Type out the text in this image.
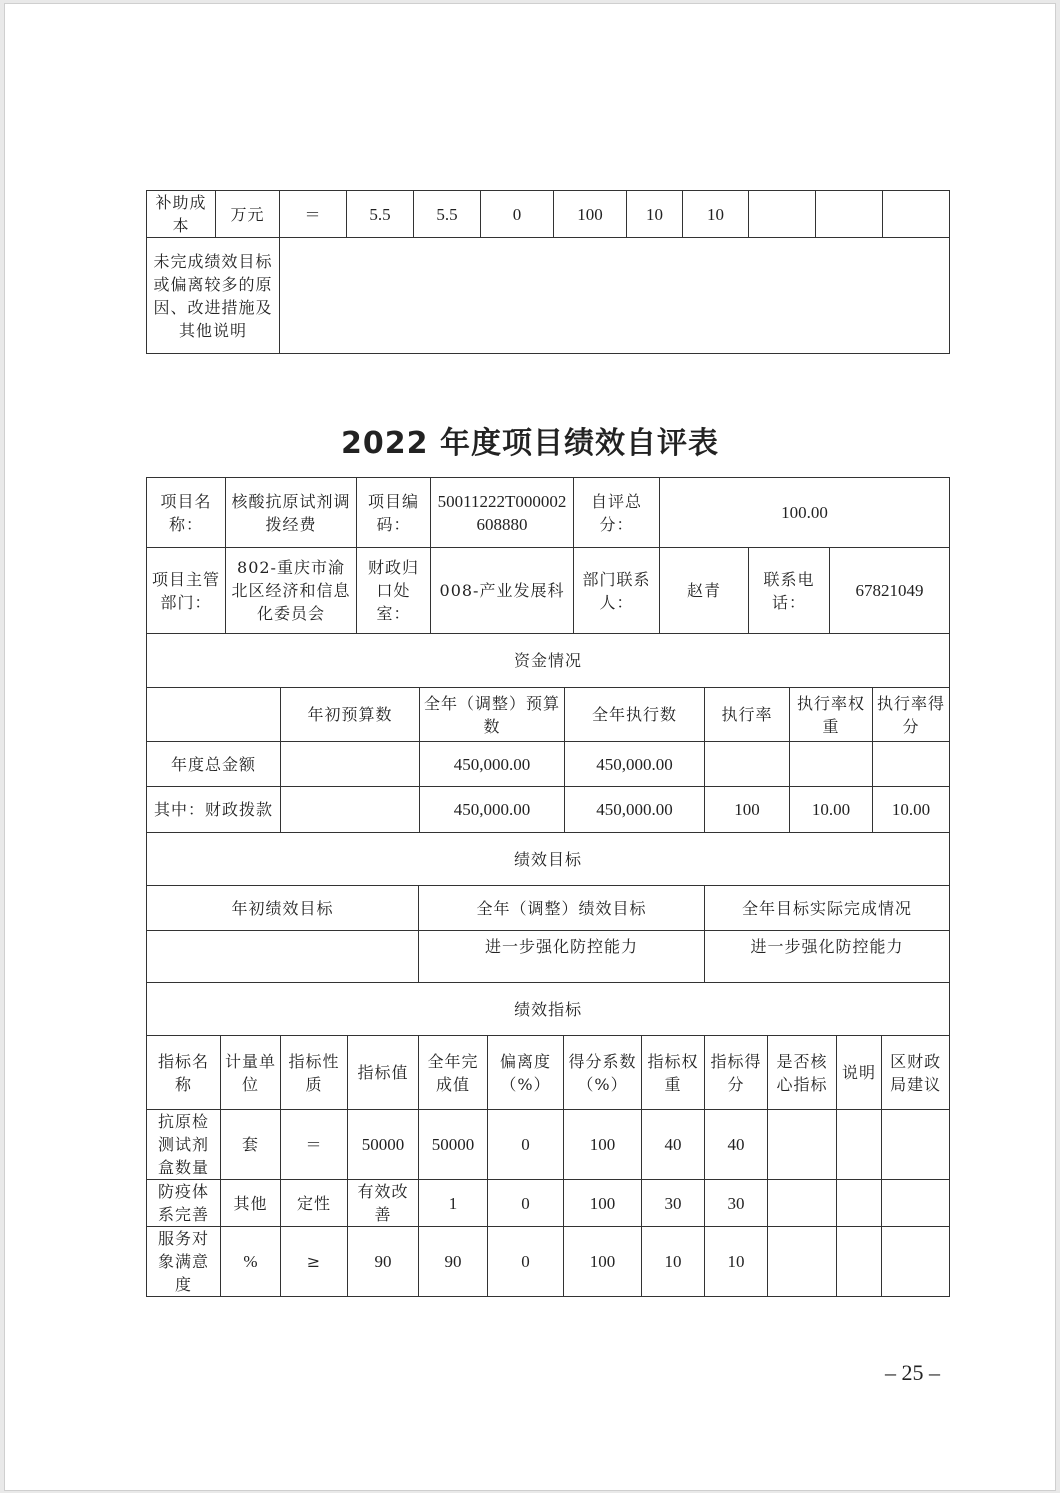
补助成本	万元	＝	5.5	5.5	0	100	10	10			
未完成绩效目标或偏离较多的原因、改进措施及其他说明											
2022 年度项目绩效自评表
项目名称：	核酸抗原试剂调拨经费	项目编码：	50011222T000002608880	自评总分：	100.00		
项目主管部门：	802-重庆市渝北区经济和信息化委员会	财政归口处室：	008-产业发展科	部门联系人：	赵青	联系电话：	67821049
资金情况						
	年初预算数	全年（调整）预算数	全年执行数	执行率	执行率权重	执行率得分
年度总金额		450,000.00	450,000.00			
其中：财政拨款		450,000.00	450,000.00	100	10.00	10.00
绩效目标		
年初绩效目标	全年（调整）绩效目标	全年目标实际完成情况
	进一步强化防控能力	进一步强化防控能力
绩效指标											
指标名称	计量单位	指标性质	指标值	全年完成值	偏离度（%）	得分系数（%）	指标权重	指标得分	是否核心指标	说明	区财政局建议
抗原检测试剂盒数量	套	＝	50000	50000	0	100	40	40			
防疫体系完善	其他	定性	有效改善	1	0	100	30	30			
服务对象满意度	%	≥	90	90	0	100	10	10			
– 25 –
